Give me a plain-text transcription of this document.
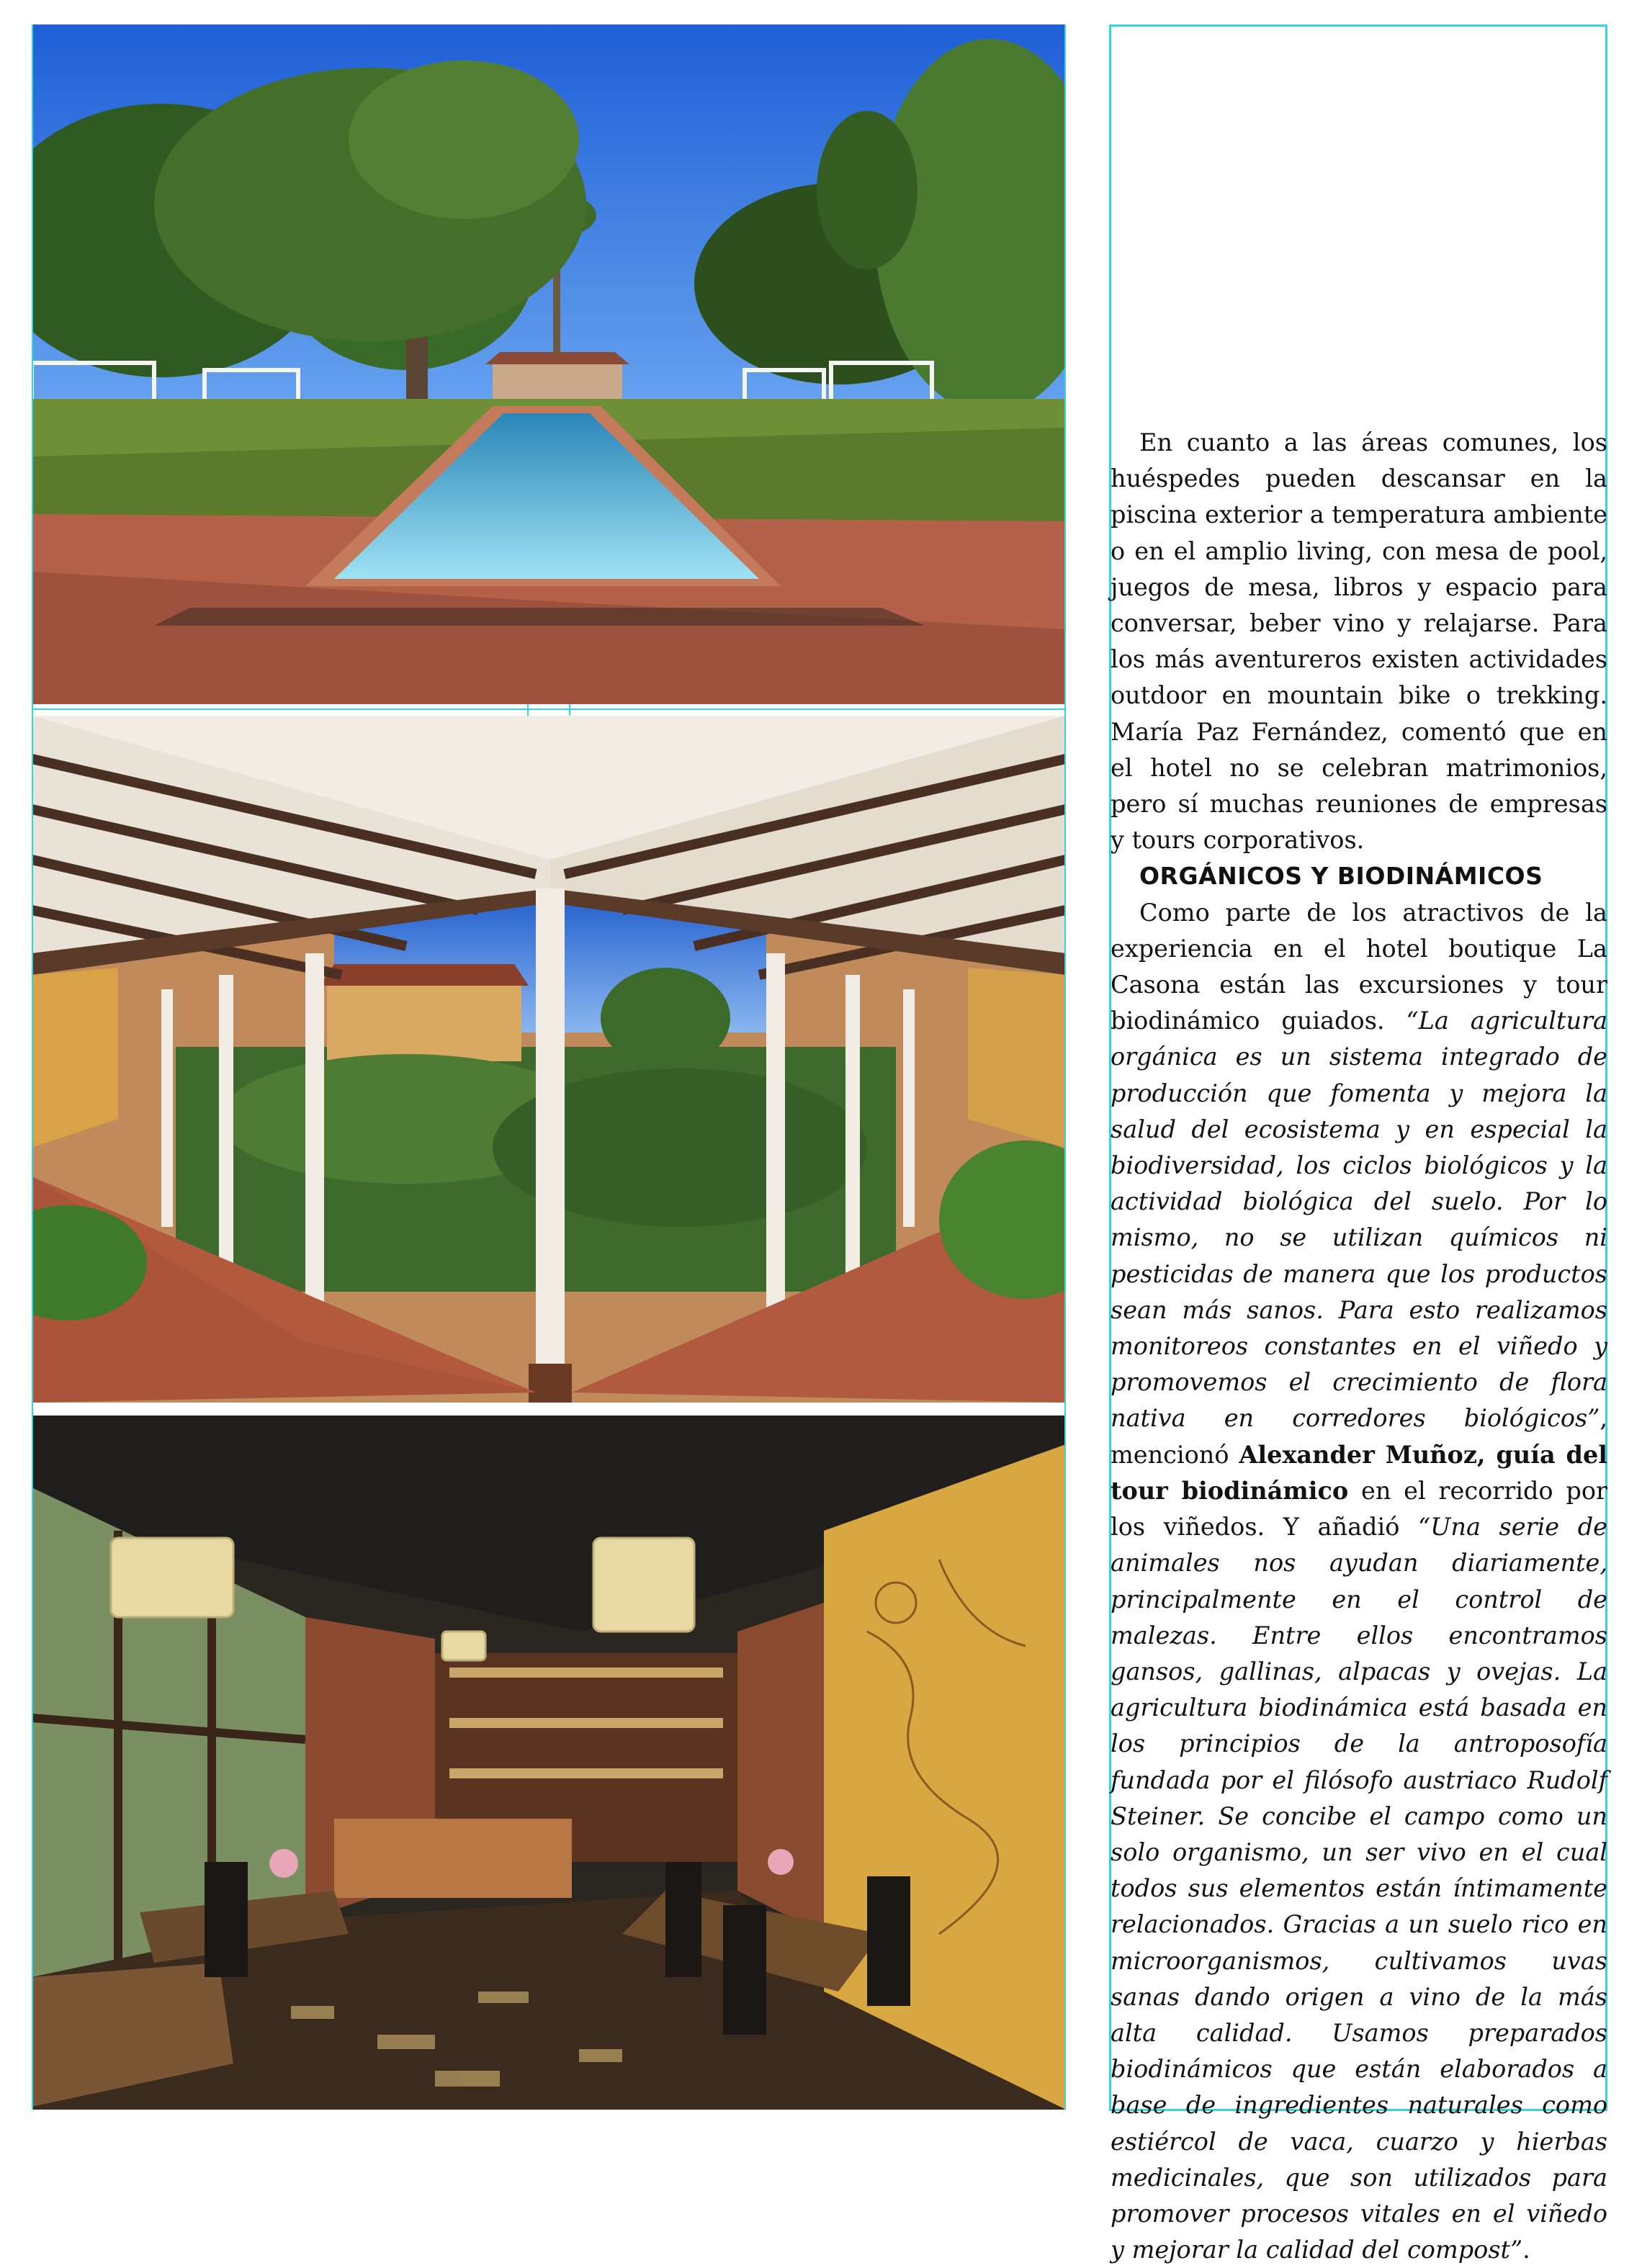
En cuanto a las áreas comunes, los huéspedes pueden descansar en la piscina exterior a temperatura ambiente o en el amplio living, con mesa de pool, juegos de mesa, libros y espacio para conversar, beber vino y relajarse. Para los más aventureros existen actividades outdoor en mountain bike o trekking. María Paz Fernández, comentó que en el hotel no se celebran matrimonios, pero sí muchas reuniones de empresas y tours corporativos.

ORGÁNICOS Y BIODINÁMICOS

Como parte de los atractivos de la experiencia en el hotel boutique La Casona están las excursiones y tour biodinámico guiados. “La agricultura orgánica es un sistema integrado de producción que fomenta y mejora la salud del ecosistema y en especial la biodiversidad, los ciclos biológicos y la actividad biológica del suelo. Por lo mismo, no se utilizan químicos ni pesticidas de manera que los productos sean más sanos. Para esto realizamos monitoreos constantes en el viñedo y promovemos el crecimiento de flora nativa en corredores biológicos”, mencionó Alexander Muñoz, guía del tour biodinámico en el recorrido por los viñedos. Y añadió “Una serie de animales nos ayudan diariamente, principalmente en el control de malezas. Entre ellos encontramos gansos, gallinas, alpacas y ovejas. La agricultura biodinámica está basada en los principios de la antroposofía fundada por el filósofo austriaco Rudolf Steiner. Se concibe el campo como un solo organismo, un ser vivo en el cual todos sus elementos están íntimamente relacionados. Gracias a un suelo rico en microorganismos, cultivamos uvas sanas dando origen a vino de la más alta calidad. Usamos preparados biodinámicos que están elaborados a base de ingredientes naturales como estiércol de vaca, cuarzo y hierbas medicinales, que son utilizados para promover procesos vitales en el viñedo y mejorar la calidad del compost”.
